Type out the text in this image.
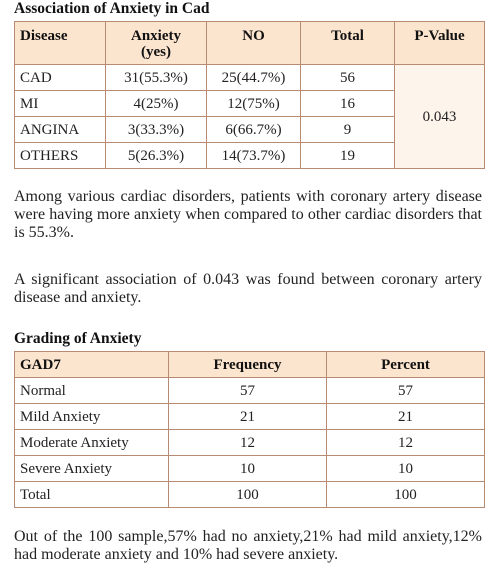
Association of Anxiety in Cad
Disease	Anxiety (yes)	NO	Total	P-Value
CAD	31(55.3%)	25(44.7%)	56	0.043
MI	4(25%)	12(75%)	16	
ANGINA	3(33.3%)	6(66.7%)	9	
OTHERS	5(26.3%)	14(73.7%)	19	
Among various cardiac disorders, patients with coronary artery disease were having more anxiety when compared to other cardiac disorders that is 55.3%.
A significant association of 0.043 was found between coronary artery disease and anxiety.
Grading of Anxiety
GAD7	Frequency	Percent
Normal	57	57
Mild Anxiety	21	21
Moderate Anxiety	12	12
Severe Anxiety	10	10
Total	100	100
Out of the 100 sample,57% had no anxiety,21% had mild anxiety,12% had moderate anxiety and 10% had severe anxiety.
